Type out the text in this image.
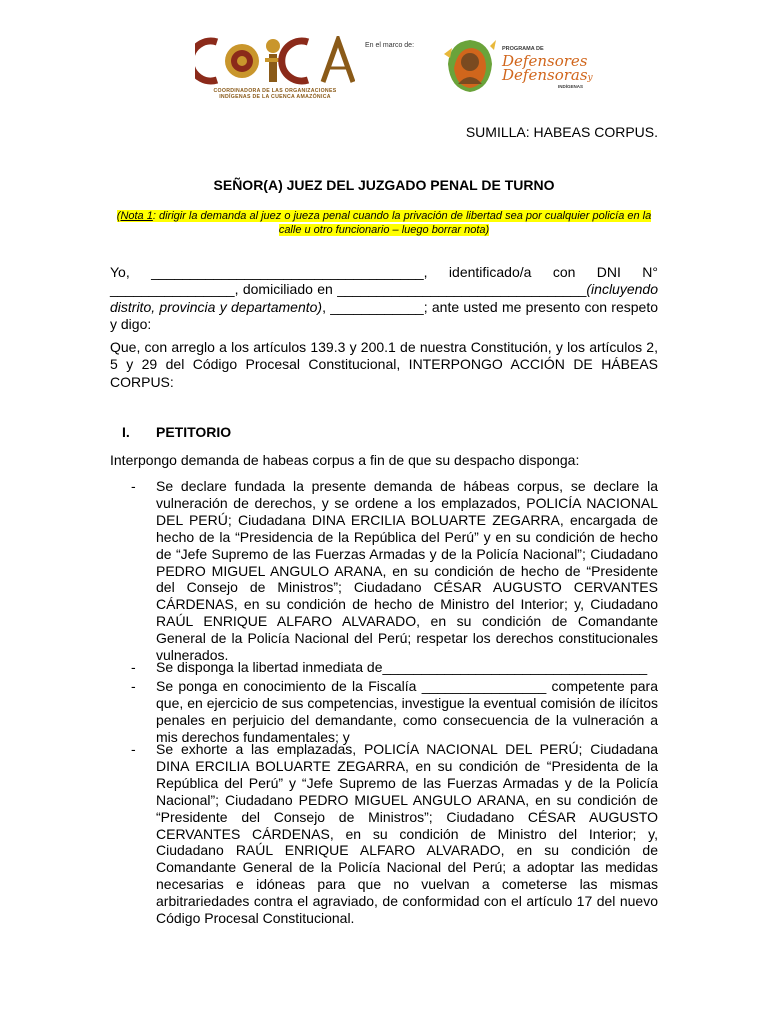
COORDINADORA DE LAS ORGANIZACIONES
INDÍGENAS DE LA CUENCA AMAZÓNICA
En el marco de:	PROGRAMA DE
Defensores
Defensorasy
INDÍGENAS
SUMILLA: HABEAS CORPUS.
SEÑOR(A) JUEZ DEL JUZGADO PENAL DE TURNO
(Nota 1: dirigir la demanda al juez o jueza penal cuando la privación de libertad sea por cualquier policía en la calle u otro funcionario – luego borrar nota)
Yo, ___________________________________, identificado/a con DNI N° ________________, domiciliado en ________________________________(incluyendo distrito, provincia y departamento), ____________; ante usted me presento con respeto y digo:
Que, con arreglo a los artículos 139.3 y 200.1 de nuestra Constitución, y los artículos 2, 5 y 29 del Código Procesal Constitucional, INTERPONGO ACCIÓN DE HÁBEAS CORPUS:
I. PETITORIO
Interpongo demanda de habeas corpus a fin de que su despacho disponga:
- Se declare fundada la presente demanda de hábeas corpus, se declare la vulneración de derechos, y se ordene a los emplazados, POLICÍA NACIONAL DEL PERÚ; Ciudadana DINA ERCILIA BOLUARTE ZEGARRA, encargada de hecho de la “Presidencia de la República del Perú” y en su condición de hecho de “Jefe Supremo de las Fuerzas Armadas y de la Policía Nacional”; Ciudadano PEDRO MIGUEL ANGULO ARANA, en su condición de hecho de “Presidente del Consejo de Ministros”; Ciudadano CÉSAR AUGUSTO CERVANTES CÁRDENAS, en su condición de hecho de Ministro del Interior; y, Ciudadano RAÚL ENRIQUE ALFARO ALVARADO, en su condición de Comandante General de la Policía Nacional del Perú; respetar los derechos constitucionales vulnerados.
- Se disponga la libertad inmediata de__________________________________
- Se ponga en conocimiento de la Fiscalía ________________ competente para que, en ejercicio de sus competencias, investigue la eventual comisión de ilícitos penales en perjuicio del demandante, como consecuencia de la vulneración a mis derechos fundamentales; y
- Se exhorte a las emplazadas, POLICÍA NACIONAL DEL PERÚ; Ciudadana DINA ERCILIA BOLUARTE ZEGARRA, en su condición de “Presidenta de la República del Perú” y “Jefe Supremo de las Fuerzas Armadas y de la Policía Nacional”; Ciudadano PEDRO MIGUEL ANGULO ARANA, en su condición de “Presidente del Consejo de Ministros”; Ciudadano CÉSAR AUGUSTO CERVANTES CÁRDENAS, en su condición de Ministro del Interior; y, Ciudadano RAÚL ENRIQUE ALFARO ALVARADO, en su condición de Comandante General de la Policía Nacional del Perú; a adoptar las medidas necesarias e idóneas para que no vuelvan a cometerse las mismas arbitrariedades contra el agraviado, de conformidad con el artículo 17 del nuevo Código Procesal Constitucional.
